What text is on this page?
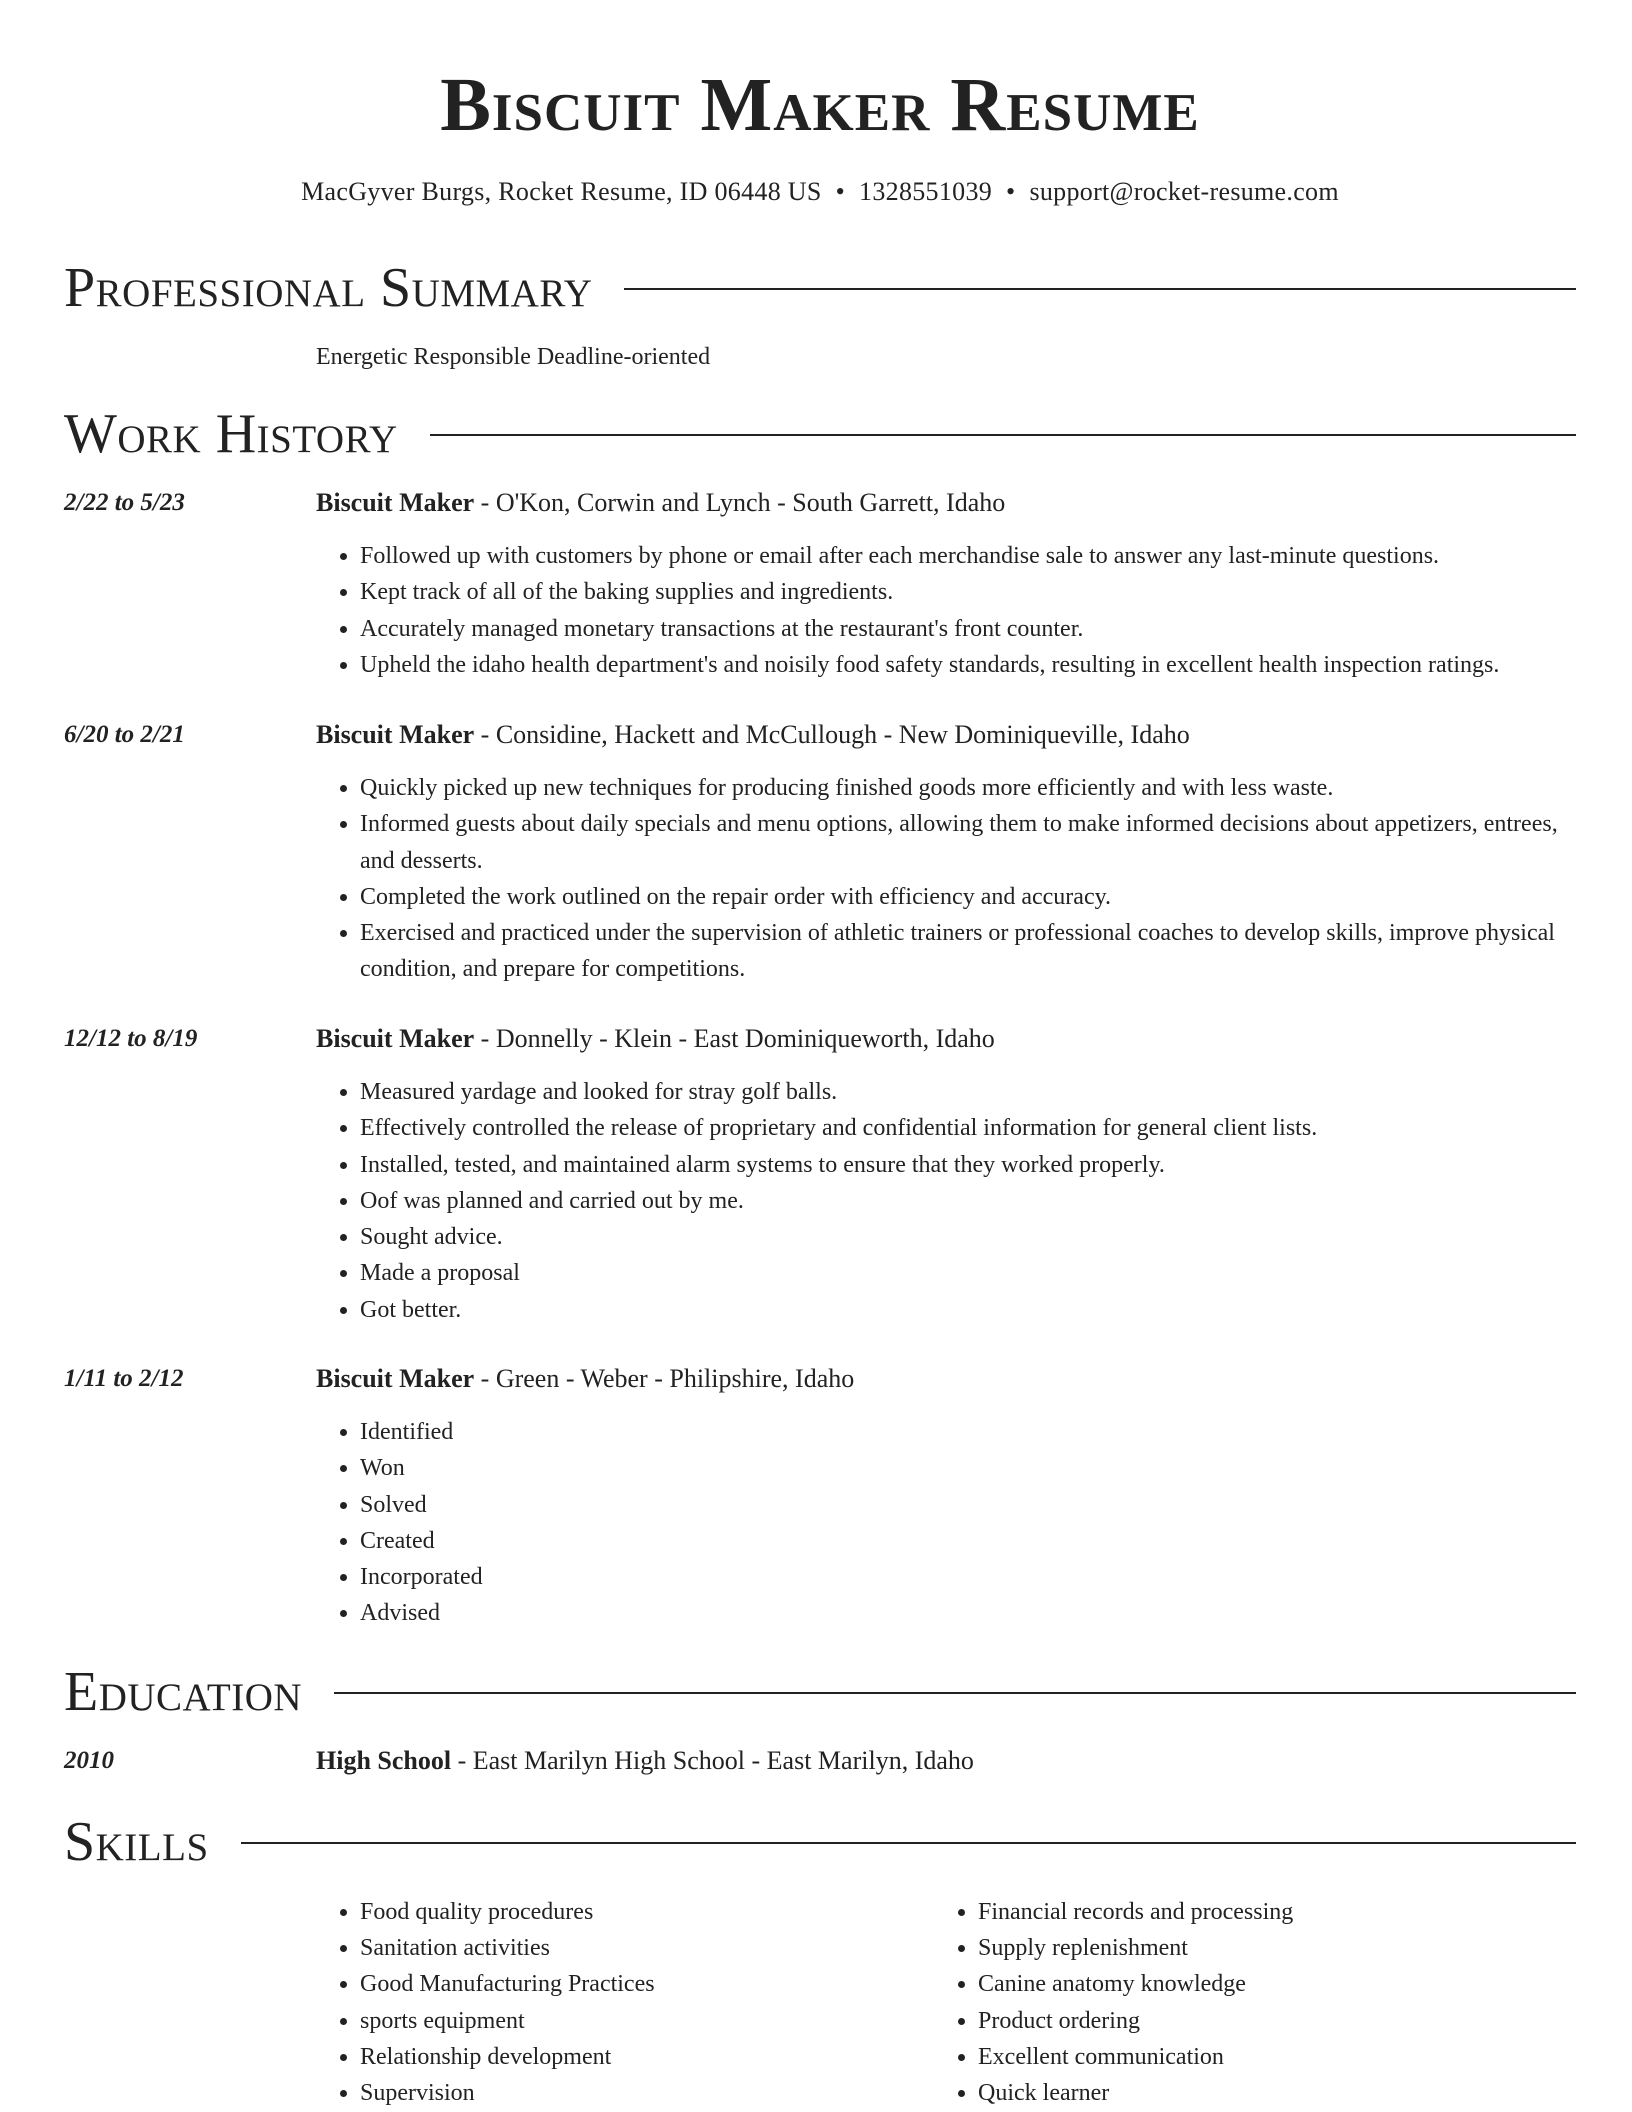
Biscuit Maker Resume
MacGyver Burgs, Rocket Resume, ID 06448 US • 1328551039 • support@rocket-resume.com
Professional Summary
Energetic Responsible Deadline-oriented
Work History
2/22 to 5/23	Biscuit Maker - O'Kon, Corwin and Lynch - South Garrett, Idaho
• Followed up with customers by phone or email after each merchandise sale to answer any last-minute questions.
• Kept track of all of the baking supplies and ingredients.
• Accurately managed monetary transactions at the restaurant's front counter.
• Upheld the idaho health department's and noisily food safety standards, resulting in excellent health inspection ratings.
6/20 to 2/21	Biscuit Maker - Considine, Hackett and McCullough - New Dominiqueville, Idaho
• Quickly picked up new techniques for producing finished goods more efficiently and with less waste.
• Informed guests about daily specials and menu options, allowing them to make informed decisions about appetizers, entrees, and desserts.
• Completed the work outlined on the repair order with efficiency and accuracy.
• Exercised and practiced under the supervision of athletic trainers or professional coaches to develop skills, improve physical condition, and prepare for competitions.
12/12 to 8/19	Biscuit Maker - Donnelly - Klein - East Dominiqueworth, Idaho
• Measured yardage and looked for stray golf balls.
• Effectively controlled the release of proprietary and confidential information for general client lists.
• Installed, tested, and maintained alarm systems to ensure that they worked properly.
• Oof was planned and carried out by me.
• Sought advice.
• Made a proposal
• Got better.
1/11 to 2/12	Biscuit Maker - Green - Weber - Philipshire, Idaho
• Identified
• Won
• Solved
• Created
• Incorporated
• Advised
Education
2010	High School - East Marilyn High School - East Marilyn, Idaho
Skills
• Food quality procedures
• Sanitation activities
• Good Manufacturing Practices
• sports equipment
• Relationship development
• Supervision
• Financial records and processing
• Supply replenishment
• Canine anatomy knowledge
• Product ordering
• Excellent communication
• Quick learner
